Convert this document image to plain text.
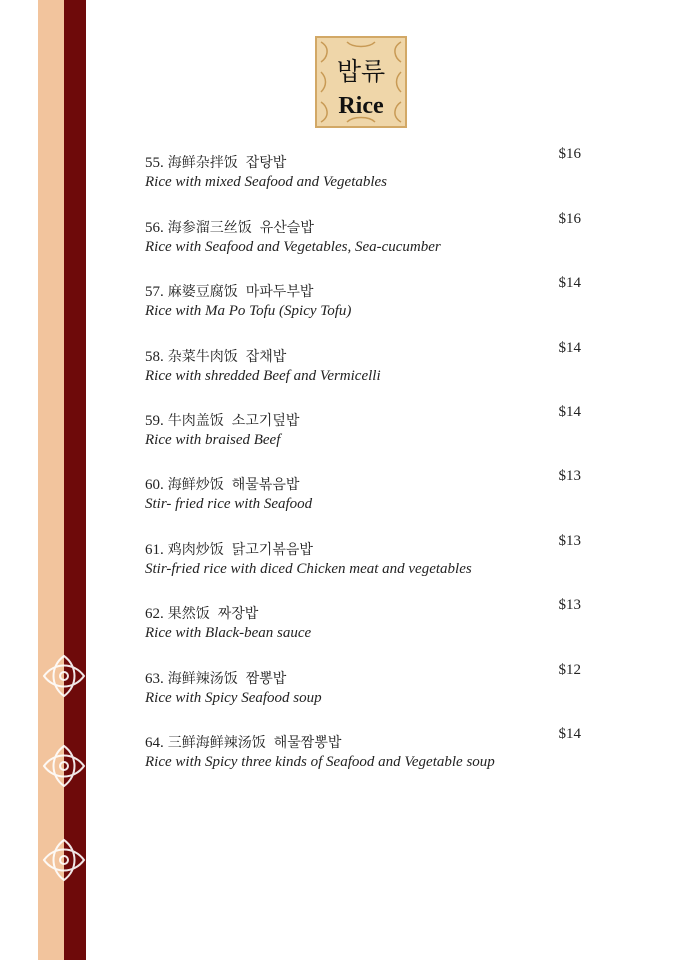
밥류
Rice
55. 海鲜杂拌饭 잡탕밥
Rice with mixed Seafood and Vegetables
$16
56. 海参溜三丝饭 유산슬밥
Rice with Seafood and Vegetables, Sea-cucumber
$16
57. 麻婆豆腐饭 마파두부밥
Rice with Ma Po Tofu (Spicy Tofu)
$14
58. 杂菜牛肉饭 잡채밥
Rice with shredded Beef and Vermicelli
$14
59. 牛肉盖饭 소고기덮밥
Rice with braised Beef
$14
60. 海鲜炒饭 해물볶음밥
Stir- fried rice with Seafood
$13
61. 鸡肉炒饭 닭고기볶음밥
Stir-fried rice with diced Chicken meat and vegetables
$13
62. 果然饭 짜장밥
Rice with Black-bean sauce
$13
63. 海鲜辣汤饭 짬뽕밥
Rice with Spicy Seafood soup
$12
64. 三鲜海鲜辣汤饭 해물짬뽕밥
Rice with Spicy three kinds of Seafood and Vegetable soup
$14
